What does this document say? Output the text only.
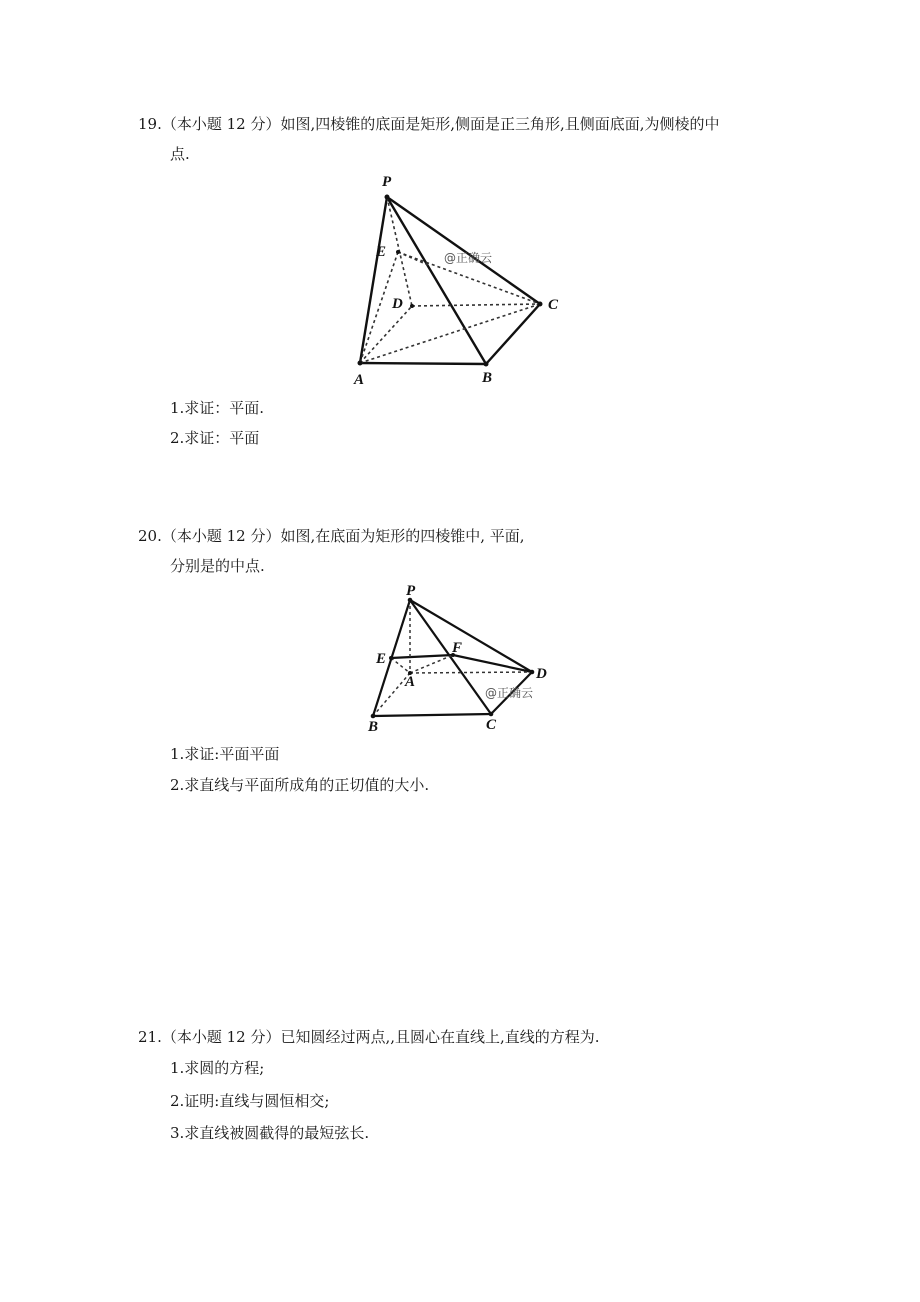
19.（本小题 12 分）如图,四棱锥的底面是矩形,侧面是正三角形,且侧面底面,为侧棱的中
点.
P
E
D	C
A	B
@正确云
1.求证：平面.
2.求证：平面
20.（本小题 12 分）如图,在底面为矩形的四棱锥中, 平面,
分别是的中点.
P
E
F
D
A
B	C
@正确云
1.求证:平面平面
2.求直线与平面所成角的正切值的大小.
21.（本小题 12 分）已知圆经过两点,,且圆心在直线上,直线的方程为.
1.求圆的方程;
2.证明:直线与圆恒相交;
3.求直线被圆截得的最短弦长.
